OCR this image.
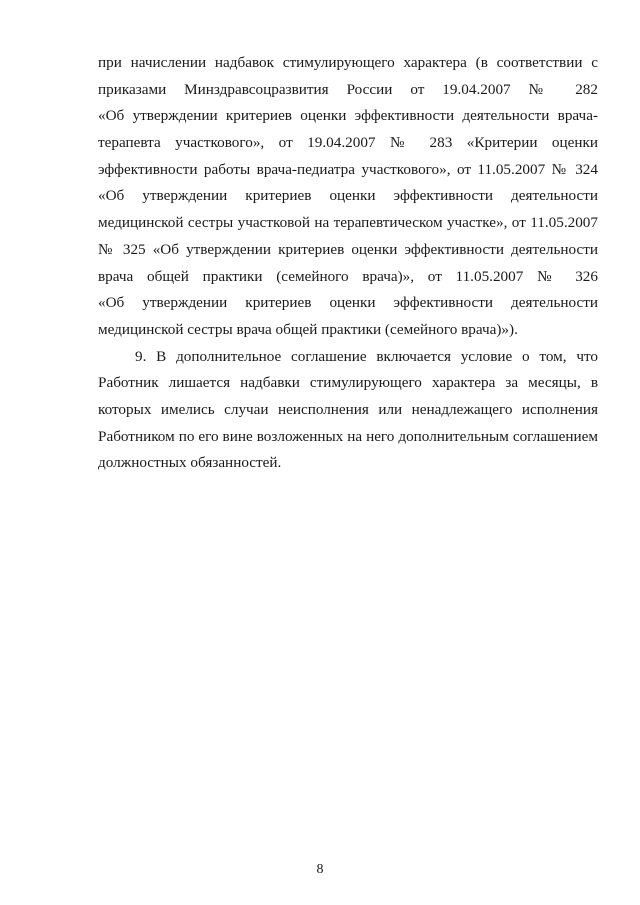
при начислении надбавок стимулирующего характера (в соответствии с
приказами Минздравсоцразвития России от 19.04.2007 № 282
«Об утверждении критериев оценки эффективности деятельности врача-
терапевта участкового», от 19.04.2007 № 283 «Критерии оценки
эффективности работы врача-педиатра участкового», от 11.05.2007 № 324
«Об утверждении критериев оценки эффективности деятельности
медицинской сестры участковой на терапевтическом участке», от 11.05.2007
№ 325 «Об утверждении критериев оценки эффективности деятельности
врача общей практики (семейного врача)», от 11.05.2007 № 326
«Об утверждении критериев оценки эффективности деятельности
медицинской сестры врача общей практики (семейного врача)»).
9. В дополнительное соглашение включается условие о том, что
Работник лишается надбавки стимулирующего характера за месяцы, в
которых имелись случаи неисполнения или ненадлежащего исполнения
Работником по его вине возложенных на него дополнительным соглашением
должностных обязанностей.
8
